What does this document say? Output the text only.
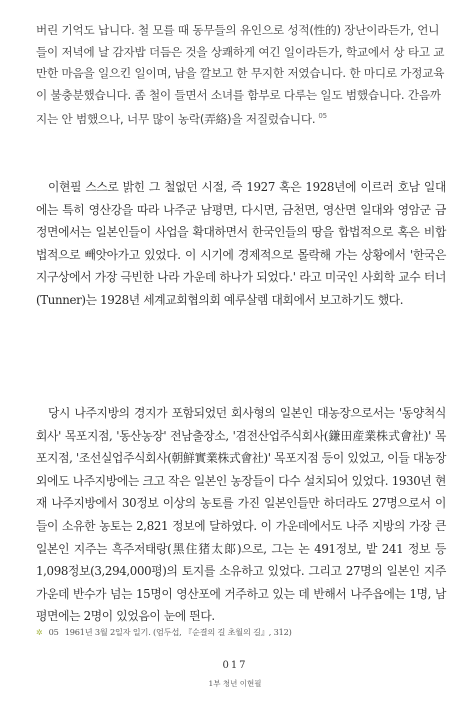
버린 기억도 납니다. 철 모를 때 동무들의 유인으로 성적(性的) 장난이라든가, 언니들이 저녁에 날 감자밥 더듬은 것을 상쾌하게 여긴 일이라든가, 학교에서 상 타고 교만한 마음을 일으킨 일이며, 남을 깔보고 한 무지한 저였습니다. 한 마디로 가정교육이 불충분했습니다. 좀 철이 들면서 소녀를 함부로 다루는 일도 범했습니다. 간음까지는 안 범했으나, 너무 많이 농락(弄絡)을 저질렀습니다. $^{05}$

이현필 스스로 밝힌 그 철없던 시절, 즉 1927 혹은 1928년에 이르러 호남 일대에는 특히 영산강을 따라 나주군 남평면, 다시면, 금천면, 영산면 일대와 영암군 금정면에서는 일본인들이 사업을 확대하면서 한국인들의 땅을 합법적으로 혹은 비합법적으로 빼앗아가고 있었다. 이 시기에 경제적으로 몰락해 가는 상황에서 '한국은 지구상에서 가장 극빈한 나라 가운데 하나가 되었다.' 라고 미국인 사회학 교수 터너(Tunner)는 1928년 세계교회협의회 예루살렘 대회에서 보고하기도 했다.

당시 나주지방의 경지가 포함되었던 회사형의 일본인 대농장으로서는 '동양척식회사' 목포지점, '동산농장' 전남출장소, '겸전산업주식회사(鎌田産業株式會社)' 목포지점, '조선실업주식회사(朝鮮實業株式會社)' 목포지점 등이 있었고, 이들 대농장외에도 나주지방에는 크고 작은 일본인 농장들이 다수 설치되어 있었다. 1930년 현재 나주지방에서 30정보 이상의 농토를 가진 일본인들만 하더라도 27명으로서 이들이 소유한 농토는 2,821 정보에 달하였다. 이 가운데에서도 나주 지방의 가장 큰 일본인 지주는 흑주저태랑(黑住猪太郞)으로, 그는 논 491정보, 밭 241 정보 등 1,098정보(3,294,000평)의 토지를 소유하고 있었다. 그리고 27명의 일본인 지주 가운데 반수가 넘는 15명이 영산포에 거주하고 있는 데 반해서 나주읍에는 1명, 남평면에는 2명이 있었음이 눈에 띈다.

✲ 05 1961년 3월 2일자 일기. (엄두섭, 『순결의 길 초월의 길』, 312)

017

1부 청년 이현필
